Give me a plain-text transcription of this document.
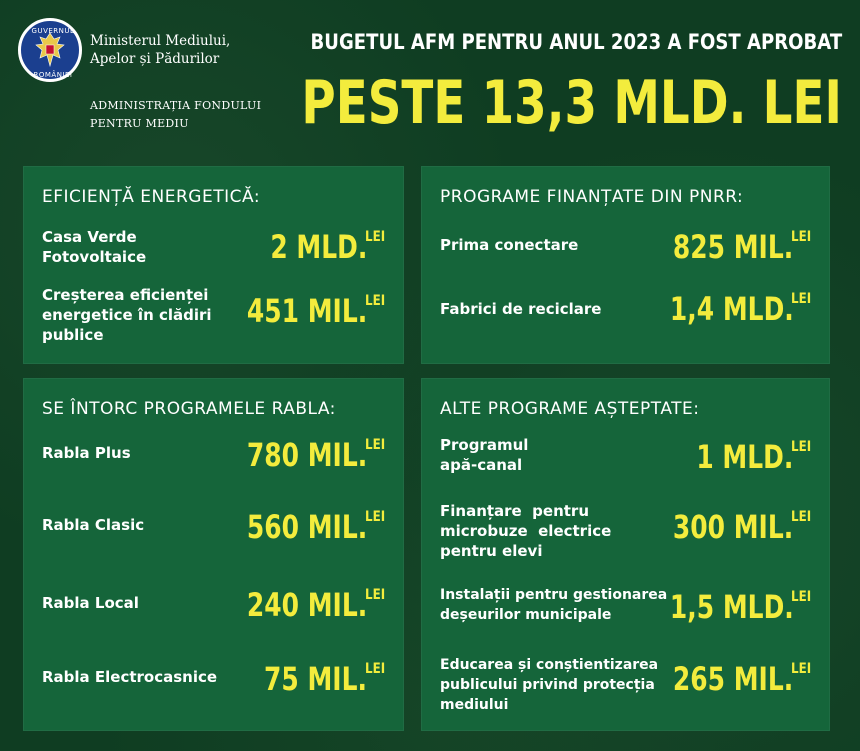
GUVERNUL
ROMÂNIEI
Ministerul Mediului,
Apelor și Pădurilor
ADMINISTRAȚIA FONDULUI
PENTRU MEDIU
BUGETUL AFM PENTRU ANUL 2023 A FOST APROBAT
PESTE 13,3 MLD. LEI
EFICIENȚĂ ENERGETICĂ:
Casa Verde
Fotovoltaice	2 MLD.LEI
Creșterea eficienței
energetice în clădiri
publice
451 MIL.LEI
PROGRAME FINANȚATE DIN PNRR:
Prima conectare	825 MIL.LEI
Fabrici de reciclare	1,4 MLD.LEI
SE ÎNTORC PROGRAMELE RABLA:
Rabla Plus	780 MIL.LEI
Rabla Clasic	560 MIL.LEI
Rabla Local	240 MIL.LEI
Rabla Electrocasnice	75 MIL.LEI
ALTE PROGRAME AȘTEPTATE:
Programul
apă-canal	1 MLD.LEI
Finanțare  pentru
microbuze  electrice
pentru elevi
300 MIL.LEI
Instalații pentru gestionarea
deșeurilor municipale	1,5 MLD.LEI
Educarea și conștientizarea
publicului privind protecția
mediului
265 MIL.LEI
